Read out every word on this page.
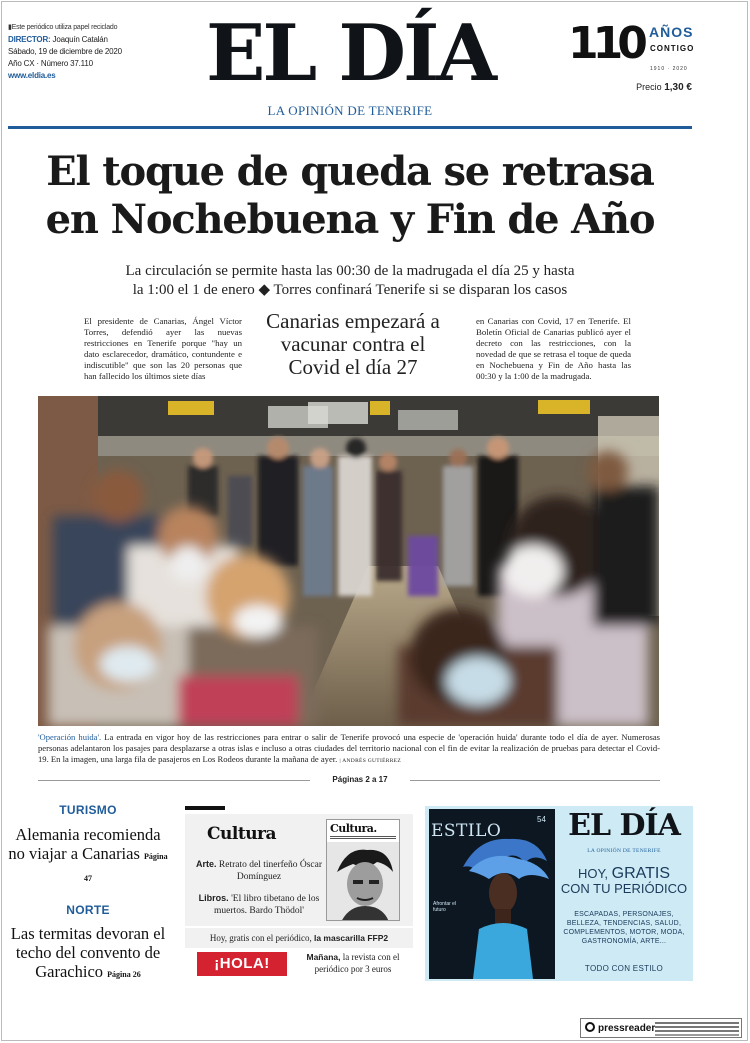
▮Este periódico utiliza papel reciclado
DIRECTOR: Joaquín Catalán
Sábado, 19 de diciembre de 2020
Año CX · Número 37.110
www.eldia.es	EL DÍA
LA OPINIÓN DE TENERIFE
110 AÑOS
CONTIGO
1910 · 2020
Precio 1,30 €
El toque de queda se retrasa
en Nochebuena y Fin de Año
La circulación se permite hasta las 00:30 de la madrugada el día 25 y hasta
la 1:00 el 1 de enero ◆ Torres confinará Tenerife si se disparan los casos
El presidente de Canarias, Ángel Víctor Torres, defendió ayer las nuevas restricciones en Tenerife porque "hay un dato esclarecedor, dramático, contundente e indiscutible" que son las 20 personas que han fallecido los últimos siete días
Canarias empezará a vacunar contra el Covid el día 27
en Canarias con Covid, 17 en Tenerife. El Boletín Oficial de Canarias publicó ayer el decreto con las restricciones, con la novedad de que se retrasa el toque de queda en Nochebuena y Fin de Año hasta las 00:30 y la 1:00 de la madrugada.
'Operación huida'. La entrada en vigor hoy de las restricciones para entrar o salir de Tenerife provocó una especie de 'operación huida' durante todo el día de ayer. Numerosas personas adelantaron los pasajes para desplazarse a otras islas e incluso a otras ciudades del territorio nacional con el fin de evitar la realización de pruebas para detectar el Covid-19. En la imagen, una larga fila de pasajeros en Los Rodeos durante la mañana de ayer. | ANDRÉS GUTIÉRREZ
Páginas 2 a 17
TURISMO
Alemania recomienda no viajar a Canarias Página 47
NORTE
Las termitas devoran el techo del convento de Garachico Página 26
Cultura
Arte. Retrato del tinerfeño Óscar Domínguez
Libros. 'El libro tibetano de los muertos. Bardo Thödol'
Cultura.
Hoy, gratis con el periódico, la mascarilla FFP2
¡HOLA!	Mañana, la revista con el periódico por 3 euros
ESTILO
54
Afrontar el futuro
EL DÍA
LA OPINIÓN DE TENERIFE
HOY, GRATIS
CON TU PERIÓDICO
ESCAPADAS, PERSONAJES, BELLEZA, TENDENCIAS, SALUD, COMPLEMENTOS, MOTOR, MODA, GASTRONOMÍA, ARTE...
TODO CON ESTILO
pressreader
